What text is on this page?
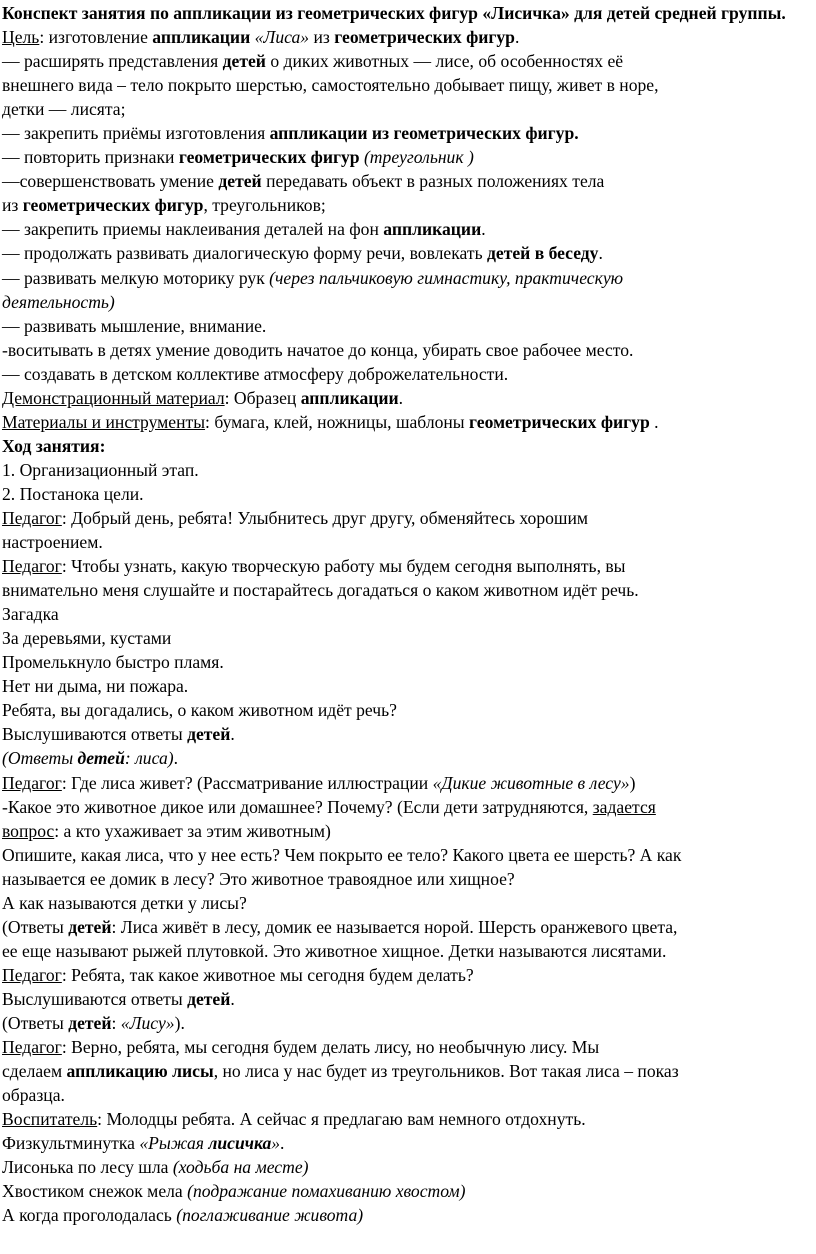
Конспект занятия по аппликации из геометрических фигур «Лисичка» для детей средней группы.
Цель: изготовление аппликации «Лиса» из геометрических фигур.
— расширять представления детей о диких животных — лисе, об особенностях её
внешнего вида – тело покрыто шерстью, самостоятельно добывает пищу, живет в норе,
детки — лисята;
— закрепить приёмы изготовления аппликации из геометрических фигур.
— повторить признаки геометрических фигур (треугольник )
—совершенствовать умение детей передавать объект в разных положениях тела
из геометрических фигур, треугольников;
— закрепить приемы наклеивания деталей на фон аппликации.
— продолжать развивать диалогическую форму речи, вовлекать детей в беседу.
— развивать мелкую моторику рук (через пальчиковую гимнастику, практическую
деятельность)
— развивать мышление, внимание.
-воситывать в детях умение доводить начатое до конца, убирать свое рабочее место.
— создавать в детском коллективе атмосферу доброжелательности.
Демонстрационный материал: Образец аппликации.
Материалы и инструменты: бумага, клей, ножницы, шаблоны геометрических фигур .
Ход занятия:
1. Организационный этап.
2. Постанока цели.
Педагог: Добрый день, ребята! Улыбнитесь друг другу, обменяйтесь хорошим
настроением.
Педагог: Чтобы узнать, какую творческую работу мы будем сегодня выполнять, вы
внимательно меня слушайте и постарайтесь догадаться о каком животном идёт речь.
Загадка
За деревьями, кустами
Промелькнуло быстро пламя.
Нет ни дыма, ни пожара.
Ребята, вы догадались, о каком животном идёт речь?
Выслушиваются ответы детей.
(Ответы детей: лиса).
Педагог: Где лиса живет? (Рассматривание иллюстрации «Дикие животные в лесу»)
-Какое это животное дикое или домашнее? Почему? (Если дети затрудняются, задается
вопрос: а кто ухаживает за этим животным)
Опишите, какая лиса, что у нее есть? Чем покрыто ее тело? Какого цвета ее шерсть? А как
называется ее домик в лесу? Это животное травоядное или хищное?
А как называются детки у лисы?
(Ответы детей: Лиса живёт в лесу, домик ее называется норой. Шерсть оранжевого цвета,
ее еще называют рыжей плутовкой. Это животное хищное. Детки называются лисятами.
Педагог: Ребята, так какое животное мы сегодня будем делать?
Выслушиваются ответы детей.
(Ответы детей: «Лису»).
Педагог: Верно, ребята, мы сегодня будем делать лису, но необычную лису. Мы
сделаем аппликацию лисы, но лиса у нас будет из треугольников. Вот такая лиса – показ
образца.
Воспитатель: Молодцы ребята. А сейчас я предлагаю вам немного отдохнуть.
Физкультминутка «Рыжая лисичка».
Лисонька по лесу шла (ходьба на месте)
Хвостиком снежок мела (подражание помахиванию хвостом)
А когда проголодалась (поглаживание живота)
